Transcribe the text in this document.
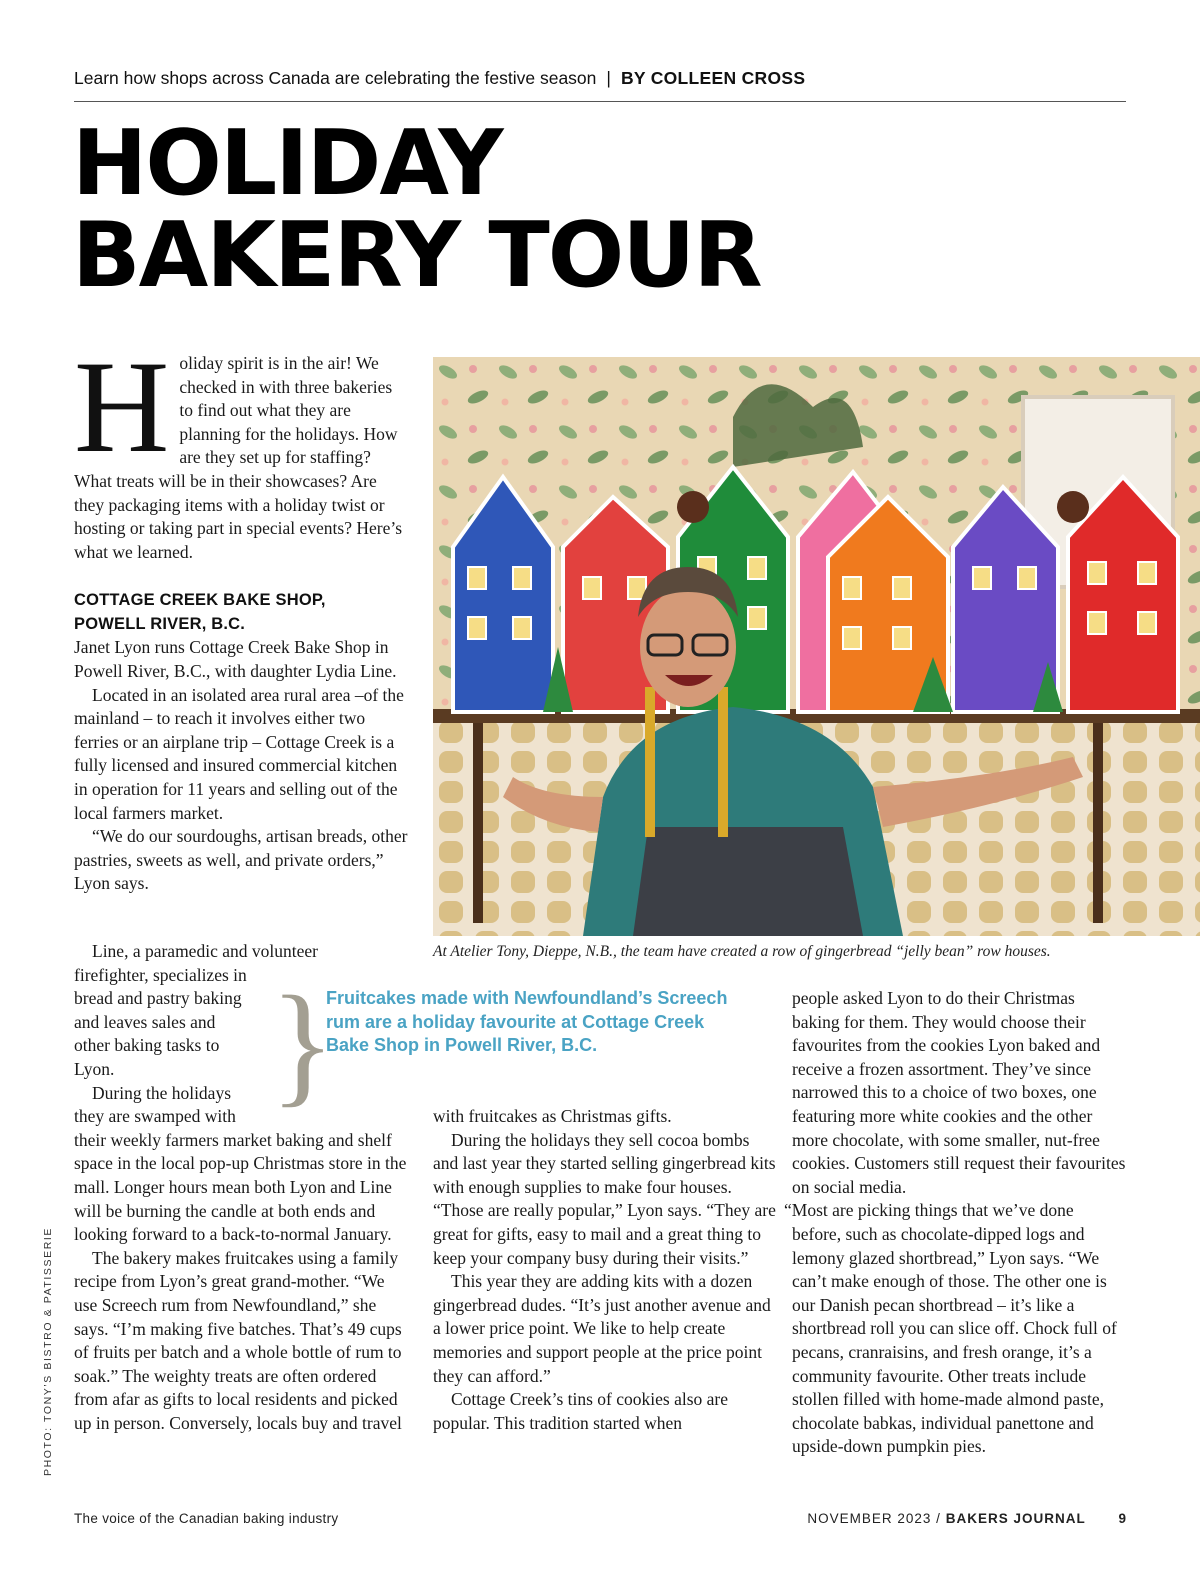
Learn how shops across Canada are celebrating the festive season | BY COLLEEN CROSS
HOLIDAY
BAKERY TOUR

Holiday spirit is in the air! We checked in with three bakeries to find out what they are planning for the holidays. How are they set up for staffing? What treats will be in their showcases? Are they packaging items with a holiday twist or hosting or taking part in special events? Here’s what we learned.

COTTAGE CREEK BAKE SHOP,
POWELL RIVER, B.C.

Janet Lyon runs Cottage Creek Bake Shop in Powell River, B.C., with daughter Lydia Line.

Located in an isolated area rural area –of the mainland – to reach it involves either two ferries or an airplane trip – Cottage Creek is a fully licensed and insured commercial kitchen in operation for 11 years and selling out of the local farmers market.

“We do our sourdoughs, artisan breads, other pastries, sweets as well, and private orders,” Lyon says.

Line, a paramedic and volunteer

firefighter, specializes in bread and pastry baking and leaves sales and other baking tasks to Lyon.

During the holidays they are swamped with

their weekly farmers market baking and shelf space in the local pop-up Christmas store in the mall. Longer hours mean both Lyon and Line will be burning the candle at both ends and looking forward to a back-to-normal January.

The bakery makes fruitcakes using a family recipe from Lyon’s great grand-mother. “We use Screech rum from Newfoundland,” she says. “I’m making five batches. That’s 49 cups of fruits per batch and a whole bottle of rum to soak.” The weighty treats are often ordered from afar as gifts to local residents and picked up in person. Conversely, locals buy and travel

At Atelier Tony, Dieppe, N.B., the team have created a row of gingerbread “jelly bean” row houses.
}
Fruitcakes made with Newfoundland’s Screech rum are a holiday favourite at Cottage Creek Bake Shop in Powell River, B.C.

with fruitcakes as Christmas gifts.

During the holidays they sell cocoa bombs and last year they started selling gingerbread kits with enough supplies to make four houses. “Those are really popular,” Lyon says. “They are great for gifts, easy to mail and a great thing to keep your company busy during their visits.”

This year they are adding kits with a dozen gingerbread dudes. “It’s just another avenue and a lower price point. We like to help create memories and support people at the price point they can afford.”

Cottage Creek’s tins of cookies also are popular. This tradition started when

people asked Lyon to do their Christmas baking for them. They would choose their favourites from the cookies Lyon baked and receive a frozen assortment. They’ve since narrowed this to a choice of two boxes, one featuring more white cookies and the other more chocolate, with some smaller, nut-free cookies. Customers still request their favourites on social media.

“Most are picking things that we’ve done before, such as chocolate-dipped logs and lemony glazed shortbread,” Lyon says. “We can’t make enough of those. The other one is our Danish pecan shortbread – it’s like a shortbread roll you can slice off. Chock full of pecans, cranraisins, and fresh orange, it’s a community favourite. Other treats include stollen filled with home-made almond paste, chocolate babkas, individual panettone and upside-down pumpkin pies.

PHOTO: TONY’S BISTRO & PATISSERIE
The voice of the Canadian baking industry	NOVEMBER 2023 / BAKERS JOURNAL 9
